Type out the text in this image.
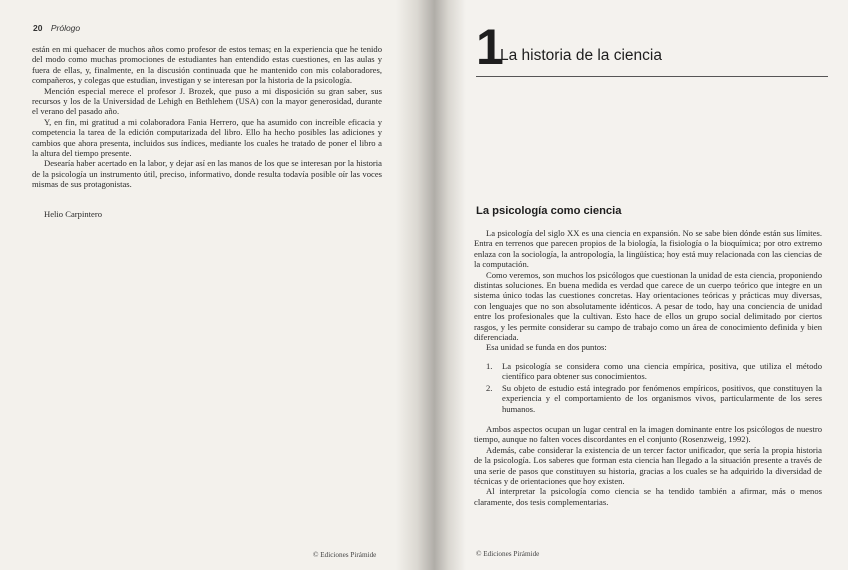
20 Prólogo

están en mi quehacer de muchos años como profesor de estos temas; en la experiencia que he tenido del modo como muchas promociones de estudiantes han entendido estas cuestiones, en las aulas y fuera de ellas, y, finalmente, en la discusión continuada que he mantenido con mis colaboradores, compañeros, y colegas que estudian, investigan y se interesan por la historia de la psicología.

Mención especial merece el profesor J. Brozek, que puso a mi disposición su gran saber, sus recursos y los de la Universidad de Lehigh en Bethlehem (USA) con la mayor generosidad, durante el verano del pasado año.

Y, en fin, mi gratitud a mi colaboradora Fania Herrero, que ha asumido con increíble eficacia y competencia la tarea de la edición computarizada del libro. Ello ha hecho posibles las adiciones y cambios que ahora presenta, incluidos sus índices, mediante los cuales he tratado de poner el libro a la altura del tiempo presente.

Desearía haber acertado en la labor, y dejar así en las manos de los que se interesan por la historia de la psicología un instrumento útil, preciso, informativo, donde resulta todavía posible oír las voces mismas de sus protagonistas.

Helio Carpintero
© Ediciones Pirámide
1
La historia de la ciencia
La psicología como ciencia

La psicología del siglo XX es una ciencia en expansión. No se sabe bien dónde están sus límites. Entra en terrenos que parecen propios de la biología, la fisiología o la bioquímica; por otro extremo enlaza con la sociología, la antropología, la lingüística; hoy está muy relacionada con las ciencias de la computación.

Como veremos, son muchos los psicólogos que cuestionan la unidad de esta ciencia, proponiendo distintas soluciones. En buena medida es verdad que carece de un cuerpo teórico que integre en un sistema único todas las cuestiones concretas. Hay orientaciones teóricas y prácticas muy diversas, con lenguajes que no son absolutamente idénticos. A pesar de todo, hay una conciencia de unidad entre los profesionales que la cultivan. Esto hace de ellos un grupo social delimitado por ciertos rasgos, y les permite considerar su campo de trabajo como un área de conocimiento definida y bien diferenciada.

Esa unidad se funda en dos puntos:

1. La psicología se considera como una ciencia empírica, positiva, que utiliza el método científico para obtener sus conocimientos.
2. Su objeto de estudio está integrado por fenómenos empíricos, positivos, que constituyen la experiencia y el comportamiento de los organismos vivos, particularmente de los seres humanos.

Ambos aspectos ocupan un lugar central en la imagen dominante entre los psicólogos de nuestro tiempo, aunque no falten voces discordantes en el conjunto (Rosenzweig, 1992).

Además, cabe considerar la existencia de un tercer factor unificador, que sería la propia historia de la psicología. Los saberes que forman esta ciencia han llegado a la situación presente a través de una serie de pasos que constituyen su historia, gracias a los cuales se ha adquirido la diversidad de técnicas y de orientaciones que hoy existen.

Al interpretar la psicología como ciencia se ha tendido también a afirmar, más o menos claramente, dos tesis complementarias.

© Ediciones Pirámide
